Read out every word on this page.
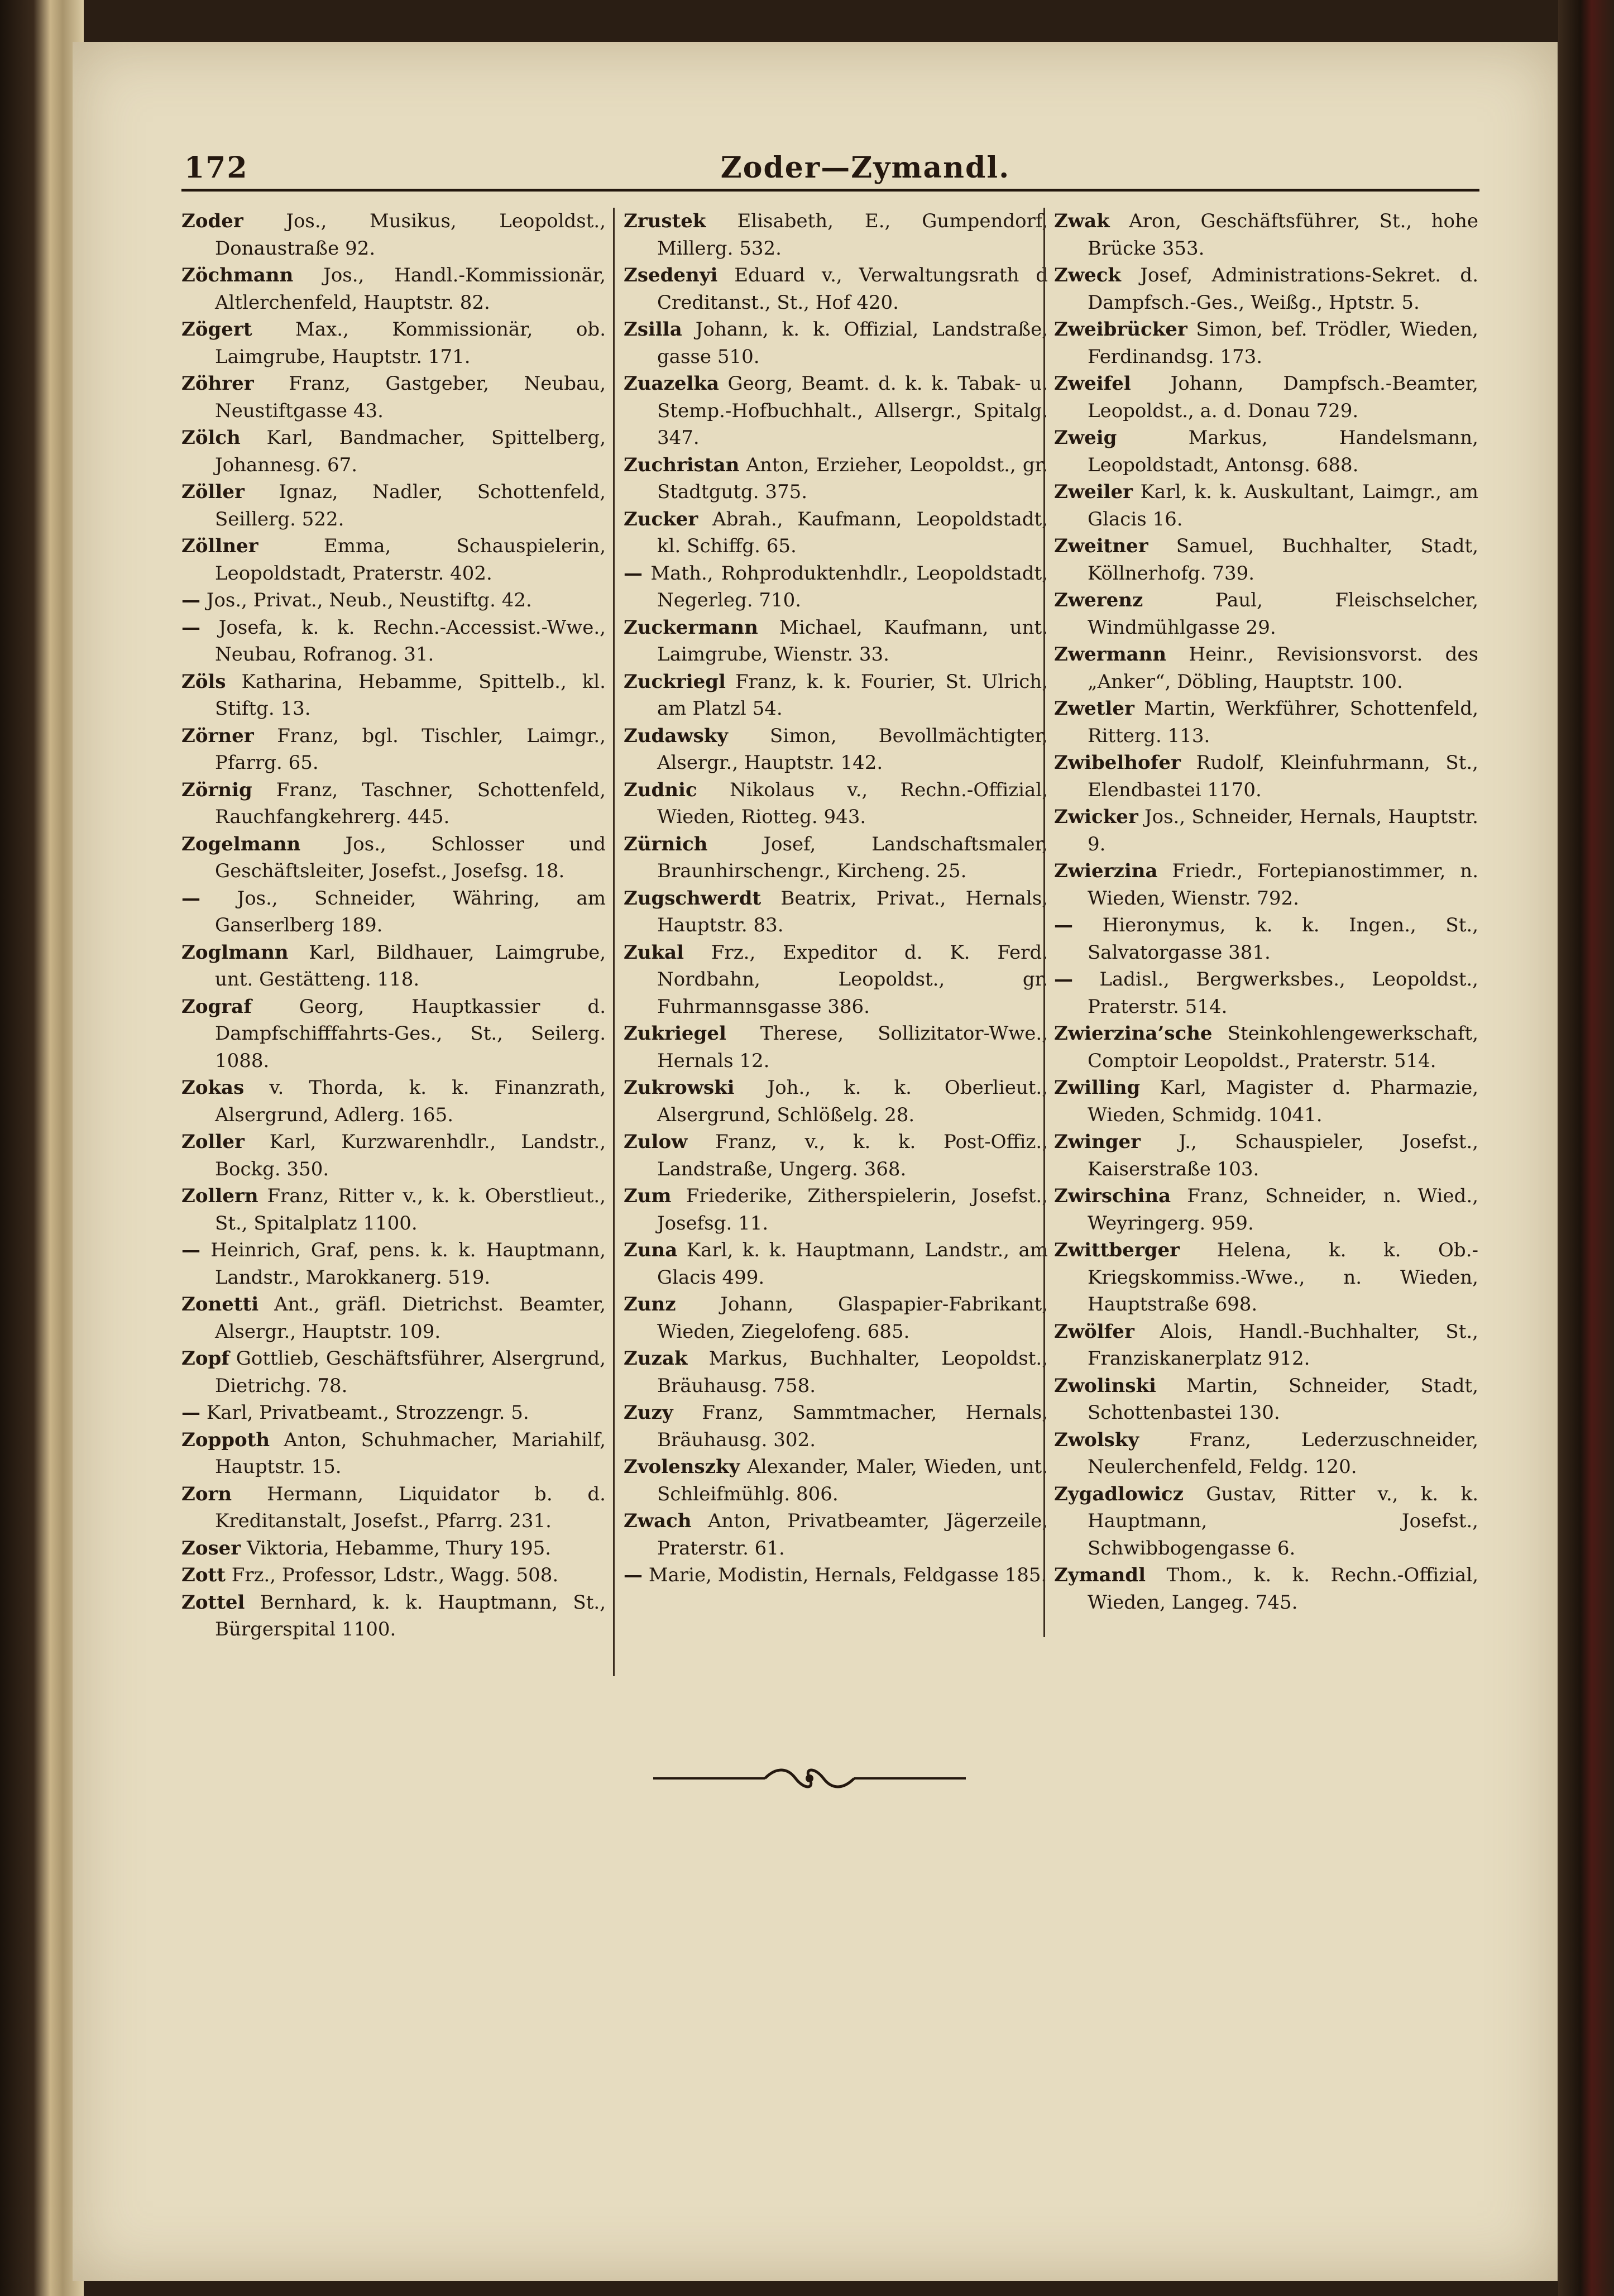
172	Zoder—Zymandl.
Zoder Jos., Musikus, Leopoldst., Donaustraße 92.
Zöchmann Jos., Handl.-Kommissionär, Altlerchenfeld, Hauptstr. 82.
Zögert Max., Kommissionär, ob. Laimgrube, Hauptstr. 171.
Zöhrer Franz, Gastgeber, Neubau, Neustiftgasse 43.
Zölch Karl, Bandmacher, Spittelberg, Johannesg. 67.
Zöller Ignaz, Nadler, Schottenfeld, Seillerg. 522.
Zöllner	Emma, Schauspielerin, Leopoldstadt, Praterstr. 402.
— Jos., Privat., Neub., Neustiftg. 42.
— Josefa, k. k. Rechn.-Accessist.-Wwe., Neubau, Rofranog. 31.
Zöls Katharina, Hebamme, Spittelb., kl. Stiftg. 13.
Zörner Franz, bgl. Tischler, Laimgr., Pfarrg. 65.
Zörnig Franz, Taschner, Schottenfeld, Rauchfangkehrerg. 445.
Zogelmann Jos., Schlosser und Geschäftsleiter, Josefst., Josefsg. 18.
— Jos., Schneider, Währing, am Ganserlberg 189.
Zoglmann Karl, Bildhauer, Laimgrube, unt. Gestätteng. 118.
Zograf Georg, Hauptkassier d. Dampfschifffahrts-Ges., St., Seilerg. 1088.
Zokas v. Thorda, k. k. Finanzrath, Alsergrund, Adlerg. 165.
Zoller Karl, Kurzwarenhdlr., Landstr., Bockg. 350.
Zollern Franz, Ritter v., k. k. Oberstlieut., St., Spitalplatz 1100.
— Heinrich, Graf, pens. k. k. Hauptmann, Landstr., Marokkanerg. 519.
Zonetti Ant., gräfl. Dietrichst. Beamter, Alsergr., Hauptstr. 109.
Zopf Gottlieb, Geschäftsführer, Alsergrund, Dietrichg. 78.
— Karl, Privatbeamt., Strozzengr. 5.
Zoppoth Anton, Schuhmacher, Mariahilf, Hauptstr. 15.
Zorn Hermann, Liquidator b. d. Kreditanstalt, Josefst., Pfarrg. 231.
Zoser Viktoria, Hebamme, Thury 195.
Zott Frz., Professor, Ldstr., Wagg. 508.
Zottel Bernhard, k. k. Hauptmann, St., Bürgerspital 1100.
Zrustek Elisabeth, E., Gumpendorf, Millerg. 532.
Zsedenyi Eduard v., Verwaltungsrath d Creditanst., St., Hof 420.
Zsilla Johann, k. k. Offizial, Landstraße, gasse 510.
Zuazelka Georg, Beamt. d. k. k. Tabak- u. Stemp.-Hofbuchhalt., Allsergr., Spitalg. 347.
Zuchristan Anton, Erzieher, Leopoldst., gr. Stadtgutg. 375.
Zucker Abrah., Kaufmann, Leopoldstadt, kl. Schiffg. 65.
— Math., Rohproduktenhdlr., Leopoldstadt, Negerleg. 710.
Zuckermann Michael, Kaufmann, unt. Laimgrube, Wienstr. 33.
Zuckriegl Franz, k. k. Fourier, St. Ulrich, am Platzl 54.
Zudawsky Simon, Bevollmächtigter, Alsergr., Hauptstr. 142.
Zudnic Nikolaus v., Rechn.-Offizial, Wieden, Riotteg. 943.
Zürnich	Josef, Landschaftsmaler, Braunhirschengr., Kircheng. 25.
Zugschwerdt Beatrix, Privat., Hernals, Hauptstr. 83.
Zukal Frz., Expeditor d. K. Ferd. Nordbahn, Leopoldst., gr. Fuhrmannsgasse 386.
Zukriegel Therese, Sollizitator-Wwe., Hernals 12.
Zukrowski Joh., k. k. Oberlieut., Alsergrund, Schlößelg. 28.
Zulow Franz, v., k. k. Post-Offiz., Landstraße, Ungerg. 368.
Zum Friederike, Zitherspielerin, Josefst., Josefsg. 11.
Zuna Karl, k. k. Hauptmann, Landstr., am Glacis 499.
Zunz Johann, Glaspapier-Fabrikant, Wieden, Ziegelofeng. 685.
Zuzak Markus, Buchhalter, Leopoldst., Bräuhausg. 758.
Zuzy Franz, Sammtmacher, Hernals, Bräuhausg. 302.
Zvolenszky Alexander, Maler, Wieden, unt. Schleifmühlg. 806.
Zwach Anton, Privatbeamter, Jägerzeile, Praterstr. 61.
— Marie, Modistin, Hernals, Feldgasse 185.
Zwak Aron, Geschäftsführer, St., hohe Brücke 353.
Zweck Josef, Administrations-Sekret. d. Dampfsch.-Ges., Weißg., Hptstr. 5.
Zweibrücker Simon, bef. Trödler, Wieden, Ferdinandsg. 173.
Zweifel Johann, Dampfsch.-Beamter, Leopoldst., a. d. Donau 729.
Zweig	Markus, Handelsmann, Leopoldstadt, Antonsg. 688.
Zweiler Karl, k. k. Auskultant, Laimgr., am Glacis 16.
Zweitner Samuel, Buchhalter, Stadt, Köllnerhofg. 739.
Zwerenz	Paul, Fleischselcher, Windmühlgasse 29.
Zwermann Heinr., Revisionsvorst. des „Anker“, Döbling, Hauptstr. 100.
Zwetler Martin, Werkführer, Schottenfeld, Ritterg. 113.
Zwibelhofer Rudolf, Kleinfuhrmann, St., Elendbastei 1170.
Zwicker Jos., Schneider, Hernals, Hauptstr. 9.
Zwierzina Friedr., Fortepianostimmer, n. Wieden, Wienstr. 792.
— Hieronymus, k. k. Ingen., St., Salvatorgasse 381.
— Ladisl., Bergwerksbes., Leopoldst., Praterstr. 514.
Zwierzina’sche Steinkohlengewerkschaft, Comptoir Leopoldst., Praterstr. 514.
Zwilling Karl, Magister d. Pharmazie, Wieden, Schmidg. 1041.
Zwinger J., Schauspieler, Josefst., Kaiserstraße 103.
Zwirschina Franz, Schneider, n. Wied., Weyringerg. 959.
Zwittberger Helena, k. k. Ob.-Kriegskommiss.-Wwe., n. Wieden, Hauptstraße 698.
Zwölfer Alois, Handl.-Buchhalter, St., Franziskanerplatz 912.
Zwolinski Martin, Schneider, Stadt, Schottenbastei 130.
Zwolsky	Franz, Lederzuschneider, Neulerchenfeld, Feldg. 120.
Zygadlowicz Gustav, Ritter v., k. k. Hauptmann, Josefst., Schwibbogengasse 6.
Zymandl Thom., k. k. Rechn.-Offizial, Wieden, Langeg. 745.
